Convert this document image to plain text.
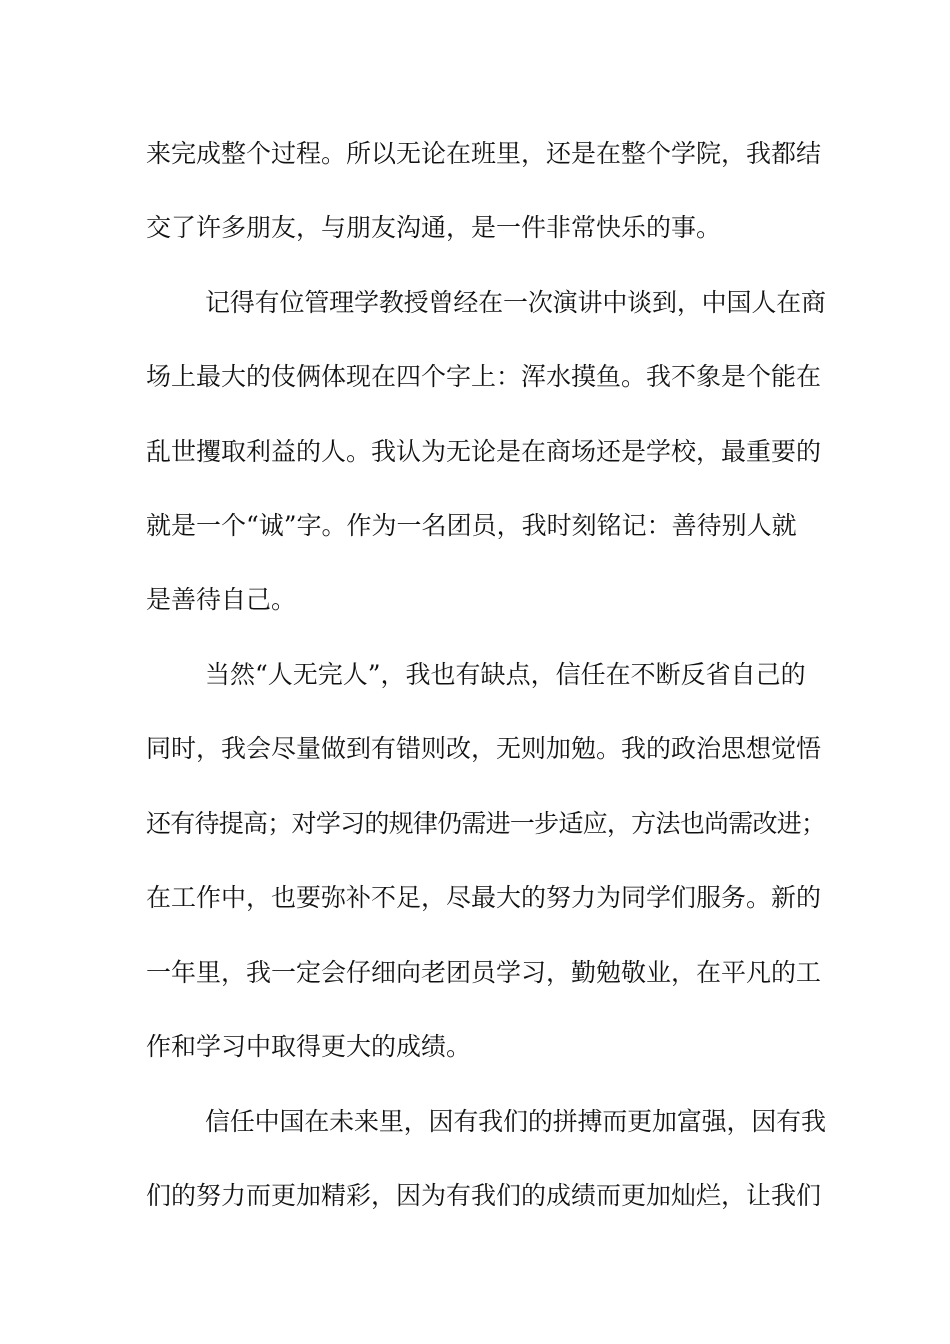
来完成整个过程。所以无论在班里，还是在整个学院，我都结
交了许多朋友，与朋友沟通，是一件非常快乐的事。
记得有位管理学教授曾经在一次演讲中谈到，中国人在商
场上最大的伎俩体现在四个字上：浑水摸鱼。我不象是个能在
乱世攫取利益的人。我认为无论是在商场还是学校，最重要的
就是一个“诚”字。作为一名团员，我时刻铭记：善待别人就
是善待自己。
当然“人无完人”，我也有缺点，信任在不断反省自己的
同时，我会尽量做到有错则改，无则加勉。我的政治思想觉悟
还有待提高；对学习的规律仍需进一步适应，方法也尚需改进；
在工作中，也要弥补不足，尽最大的努力为同学们服务。新的
一年里，我一定会仔细向老团员学习，勤勉敬业，在平凡的工
作和学习中取得更大的成绩。
信任中国在未来里，因有我们的拼搏而更加富强，因有我
们的努力而更加精彩，因为有我们的成绩而更加灿烂，让我们
